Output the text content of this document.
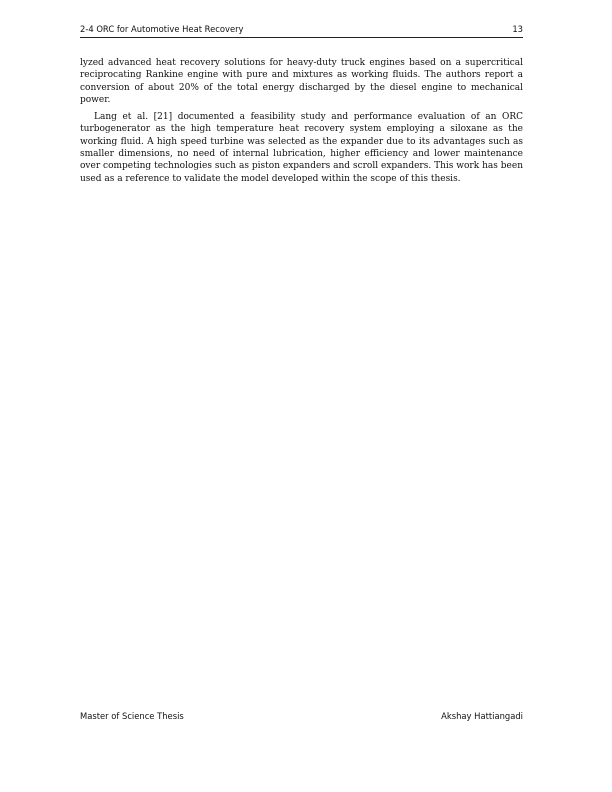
2-4 ORC for Automotive Heat Recovery	13

lyzed advanced heat recovery solutions for heavy-duty truck engines based on a supercritical reciprocating Rankine engine with pure and mixtures as working fluids. The authors report a conversion of about 20% of the total energy discharged by the diesel engine to mechanical power.

Lang et al. [21] documented a feasibility study and performance evaluation of an ORC turbogenerator as the high temperature heat recovery system employing a siloxane as the working fluid. A high speed turbine was selected as the expander due to its advantages such as smaller dimensions, no need of internal lubrication, higher efficiency and lower maintenance over competing technologies such as piston expanders and scroll expanders. This work has been used as a reference to validate the model developed within the scope of this thesis.

Master of Science Thesis	Akshay Hattiangadi
